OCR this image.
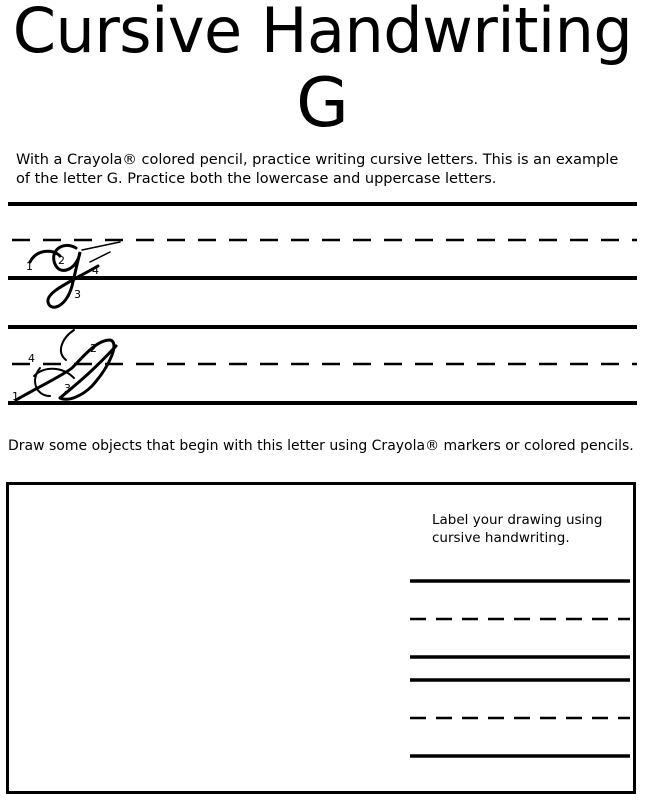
Cursive Handwriting
G
With a Crayola® colored pencil, practice writing cursive letters. This is an example of the letter G. Practice both the lowercase and uppercase letters.
1 2
3
4
1
2
3
4
Draw some objects that begin with this letter using Crayola® markers or colored pencils.
Label your drawing using cursive handwriting.
